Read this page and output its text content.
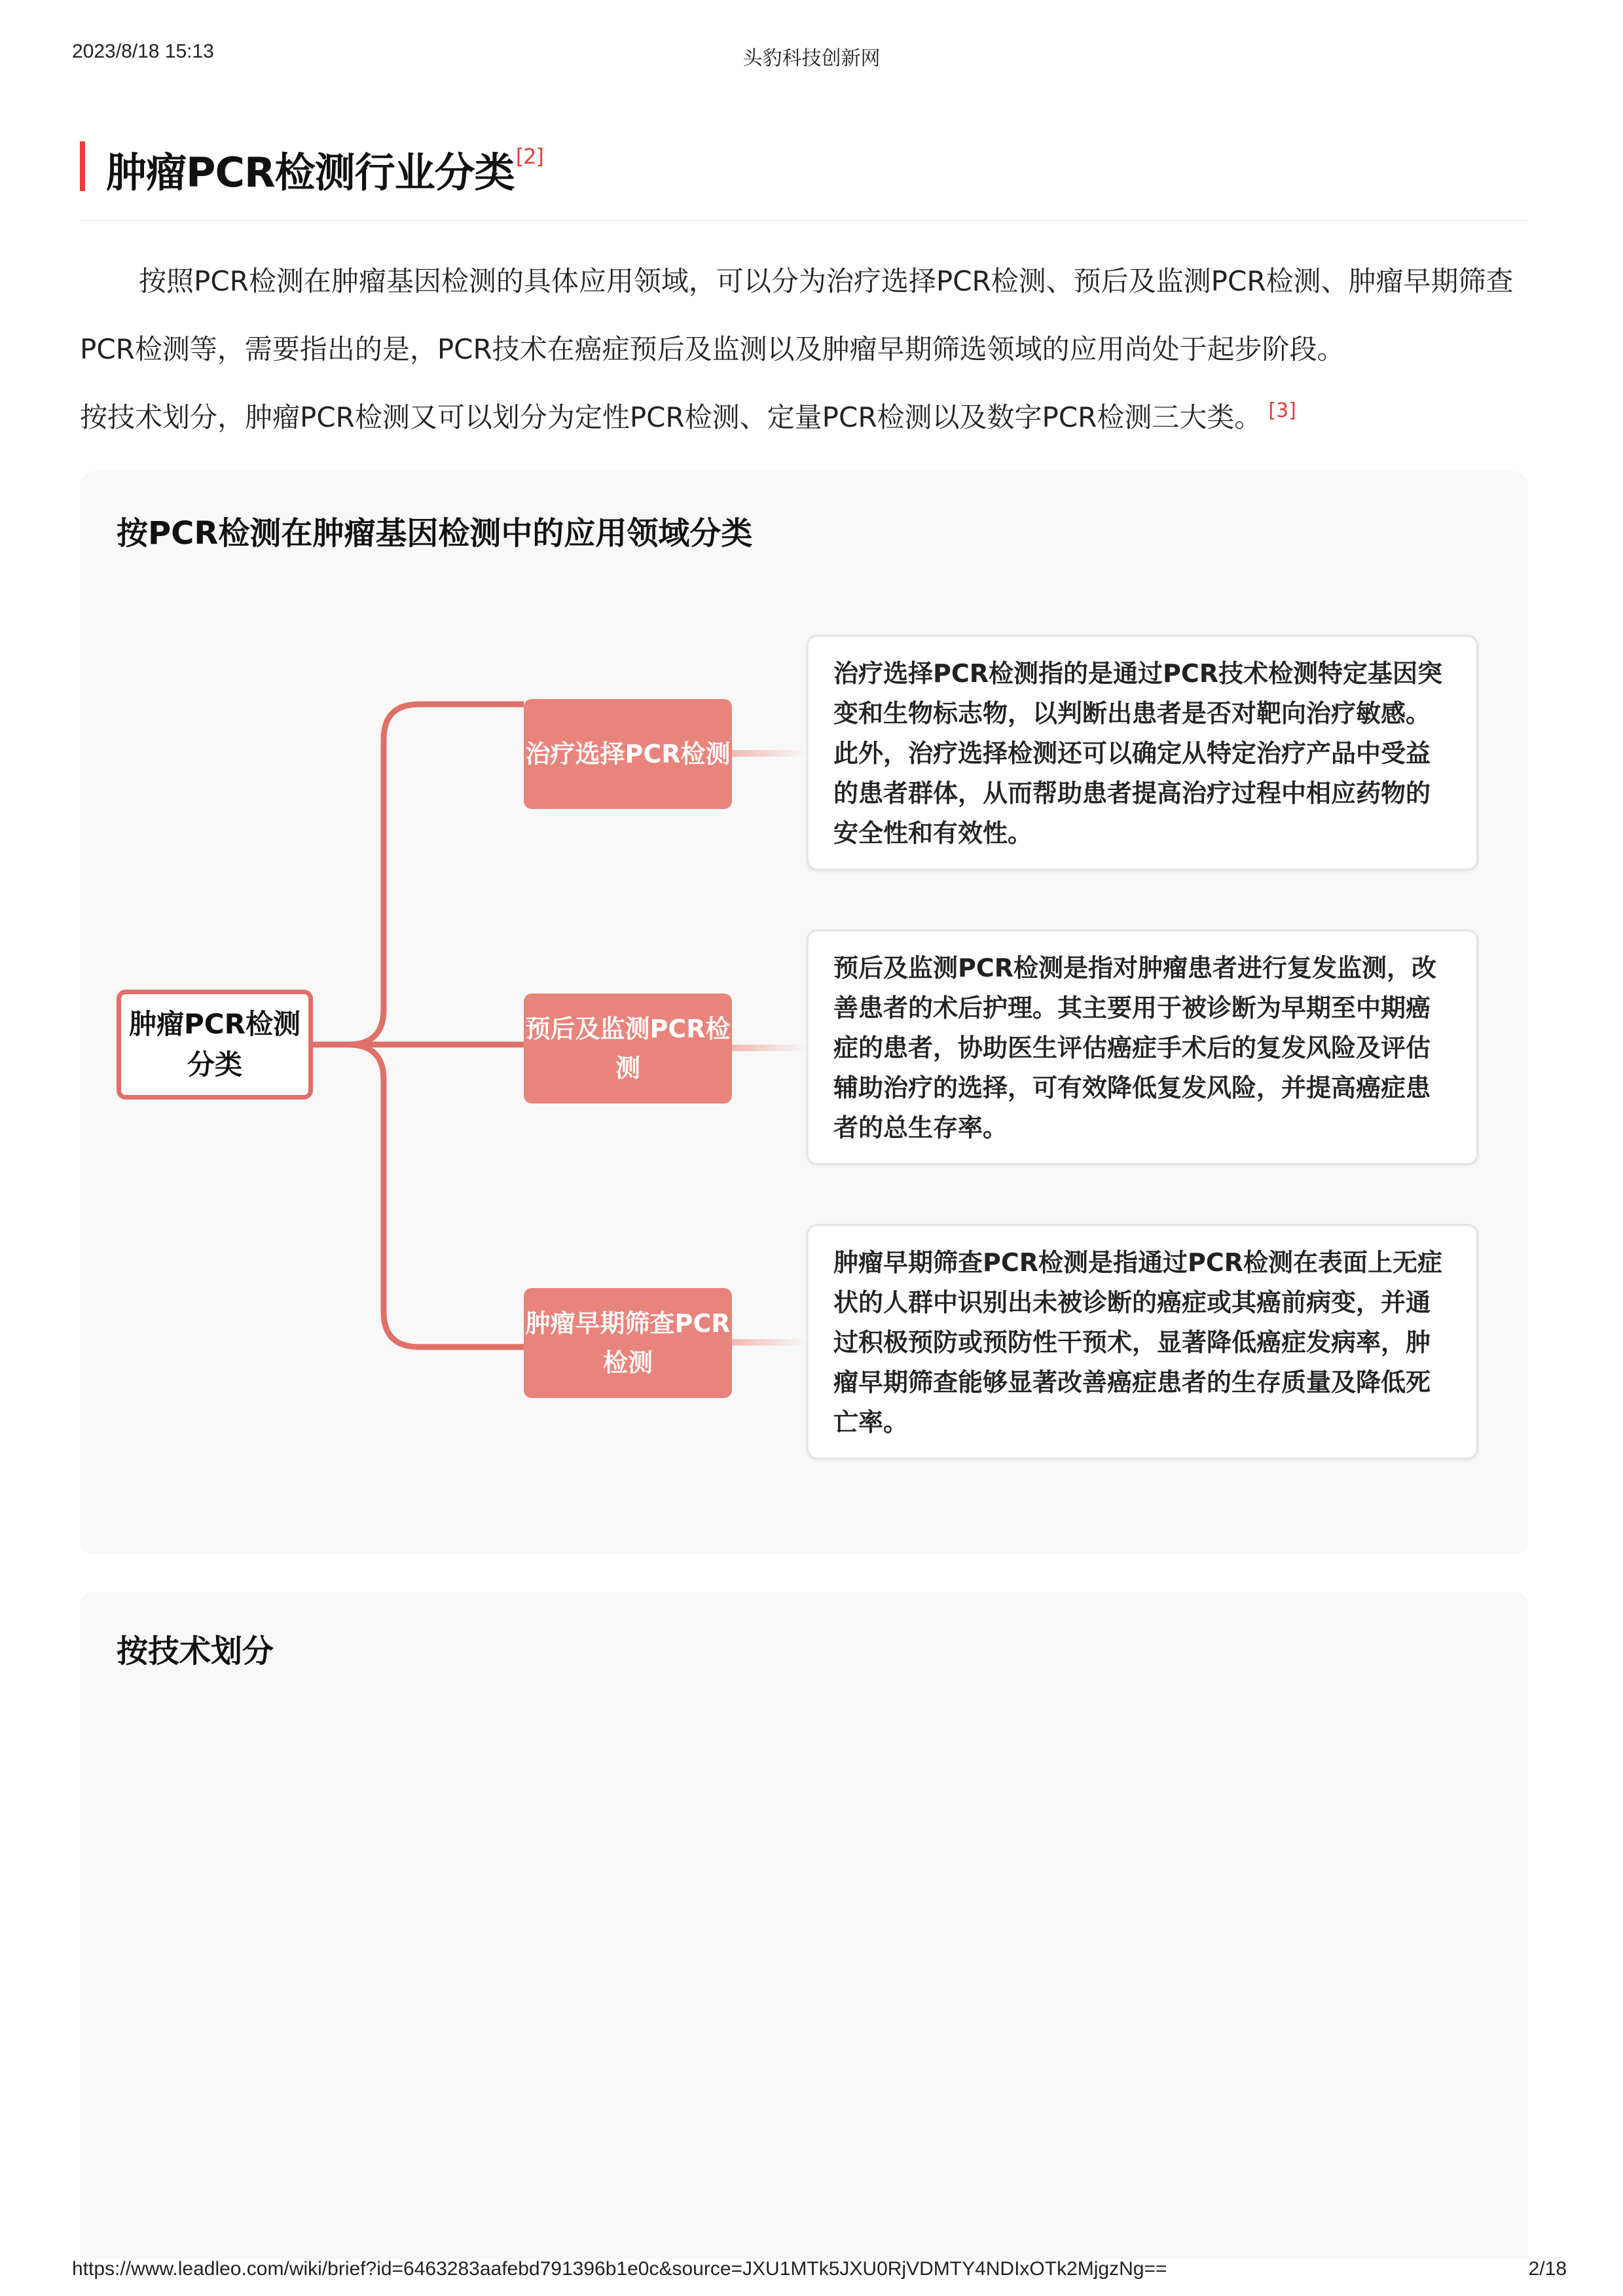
2023/8/18 15:13	头豹科技创新网
肿瘤PCR检测行业分类[2]

按照PCR检测在肿瘤基因检测的具体应用领域，可以分为治疗选择PCR检测、预后及监测PCR检测、肿瘤早期筛查PCR检测等，需要指出的是，PCR技术在癌症预后及监测以及肿瘤早期筛选领域的应用尚处于起步阶段。

按技术划分，肿瘤PCR检测又可以划分为定性PCR检测、定量PCR检测以及数字PCR检测三大类。 [3]

按PCR检测在肿瘤基因检测中的应用领域分类
肿瘤PCR检测分类
治疗选择PCR检测
预后及监测PCR检测
肿瘤早期筛查PCR检测
治疗选择PCR检测指的是通过PCR技术检测特定基因突变和生物标志物，以判断出患者是否对靶向治疗敏感。此外，治疗选择检测还可以确定从特定治疗产品中受益的患者群体，从而帮助患者提高治疗过程中相应药物的安全性和有效性。
预后及监测PCR检测是指对肿瘤患者进行复发监测，改善患者的术后护理。其主要用于被诊断为早期至中期癌症的患者，协助医生评估癌症手术后的复发风险及评估辅助治疗的选择，可有效降低复发风险，并提高癌症患者的总生存率。
肿瘤早期筛查PCR检测是指通过PCR检测在表面上无症状的人群中识别出未被诊断的癌症或其癌前病变，并通过积极预防或预防性干预术，显著降低癌症发病率，肿瘤早期筛查能够显著改善癌症患者的生存质量及降低死亡率。
按技术划分
https://www.leadleo.com/wiki/brief?id=6463283aafebd791396b1e0c&source=JXU1MTk5JXU0RjVDMTY4NDIxOTk2MjgzNg==	2/18
